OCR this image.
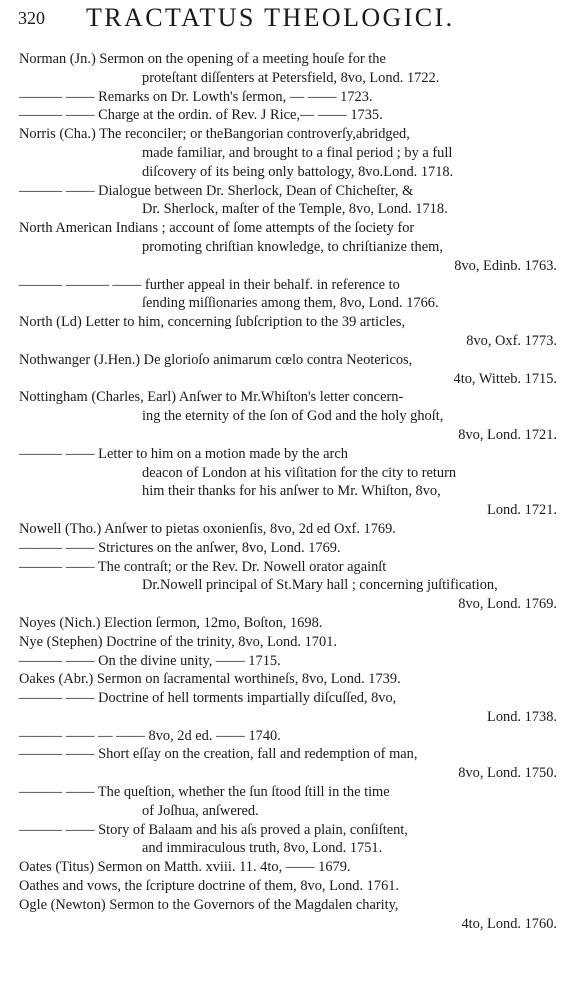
320 TRACTATUS THEOLOGICI.
Norman (Jn.) Sermon on the opening of a meeting houſe for the
proteſtant diſſenters at Petersfield, 8vo, Lond. 1722.
——— —— Remarks on Dr. Lowth's ſermon, — —— 1723.
——— —— Charge at the ordin. of Rev. J Rice,— —— 1735.
Norris (Cha.) The reconciler; or theBangorian controverſy,abridged,
made familiar, and brought to a final period ; by a full
diſcovery of its being only battology, 8vo.Lond. 1718.
——— —— Dialogue between Dr. Sherlock, Dean of Chicheſter, &
Dr. Sherlock, maſter of the Temple, 8vo, Lond. 1718.
North American Indians ; account of ſome attempts of the ſociety for
promoting chriſtian knowledge, to chriſtianize them,
8vo, Edinb. 1763.
——— ——— —— further appeal in their behalf. in reference to
ſending miſſionaries among them, 8vo, Lond. 1766.
North (Ld) Letter to him, concerning ſubſcription to the 39 articles,
8vo, Oxf. 1773.
Nothwanger (J.Hen.) De glorioſo animarum cœlo contra Neotericos,
4to, Witteb. 1715.
Nottingham (Charles, Earl) Anſwer to Mr.Whiſton's letter concern-
ing the eternity of the ſon of God and the holy ghoſt,
8vo, Lond. 1721.
——— —— Letter to him on a motion made by the arch
deacon of London at his viſitation for the city to return
him their thanks for his anſwer to Mr. Whiſton, 8vo,
Lond. 1721.
Nowell (Tho.) Anſwer to pietas oxonienſis, 8vo, 2d ed Oxf. 1769.
——— —— Strictures on the anſwer, 8vo, Lond. 1769.
——— —— The contraſt; or the Rev. Dr. Nowell orator againſt
Dr.Nowell principal of St.Mary hall ; concerning juſtification,
8vo, Lond. 1769.
Noyes (Nich.) Election ſermon, 12mo, Boſton, 1698.
Nye (Stephen) Doctrine of the trinity, 8vo, Lond. 1701.
——— —— On the divine unity, —— 1715.
Oakes (Abr.) Sermon on ſacramental worthineſs, 8vo, Lond. 1739.
——— —— Doctrine of hell torments impartially diſcuſſed, 8vo,
Lond. 1738.
——— —— — —— 8vo, 2d ed. —— 1740.
——— —— Short eſſay on the creation, fall and redemption of man,
8vo, Lond. 1750.
——— —— The queſtion, whether the ſun ſtood ſtill in the time
of Joſhua, anſwered.
——— —— Story of Balaam and his aſs proved a plain, conſiſtent,
and immiraculous truth, 8vo, Lond. 1751.
Oates (Titus) Sermon on Matth. xviii. 11. 4to, —— 1679.
Oathes and vows, the ſcripture doctrine of them, 8vo, Lond. 1761.
Ogle (Newton) Sermon to the Governors of the Magdalen charity,
4to, Lond. 1760.
